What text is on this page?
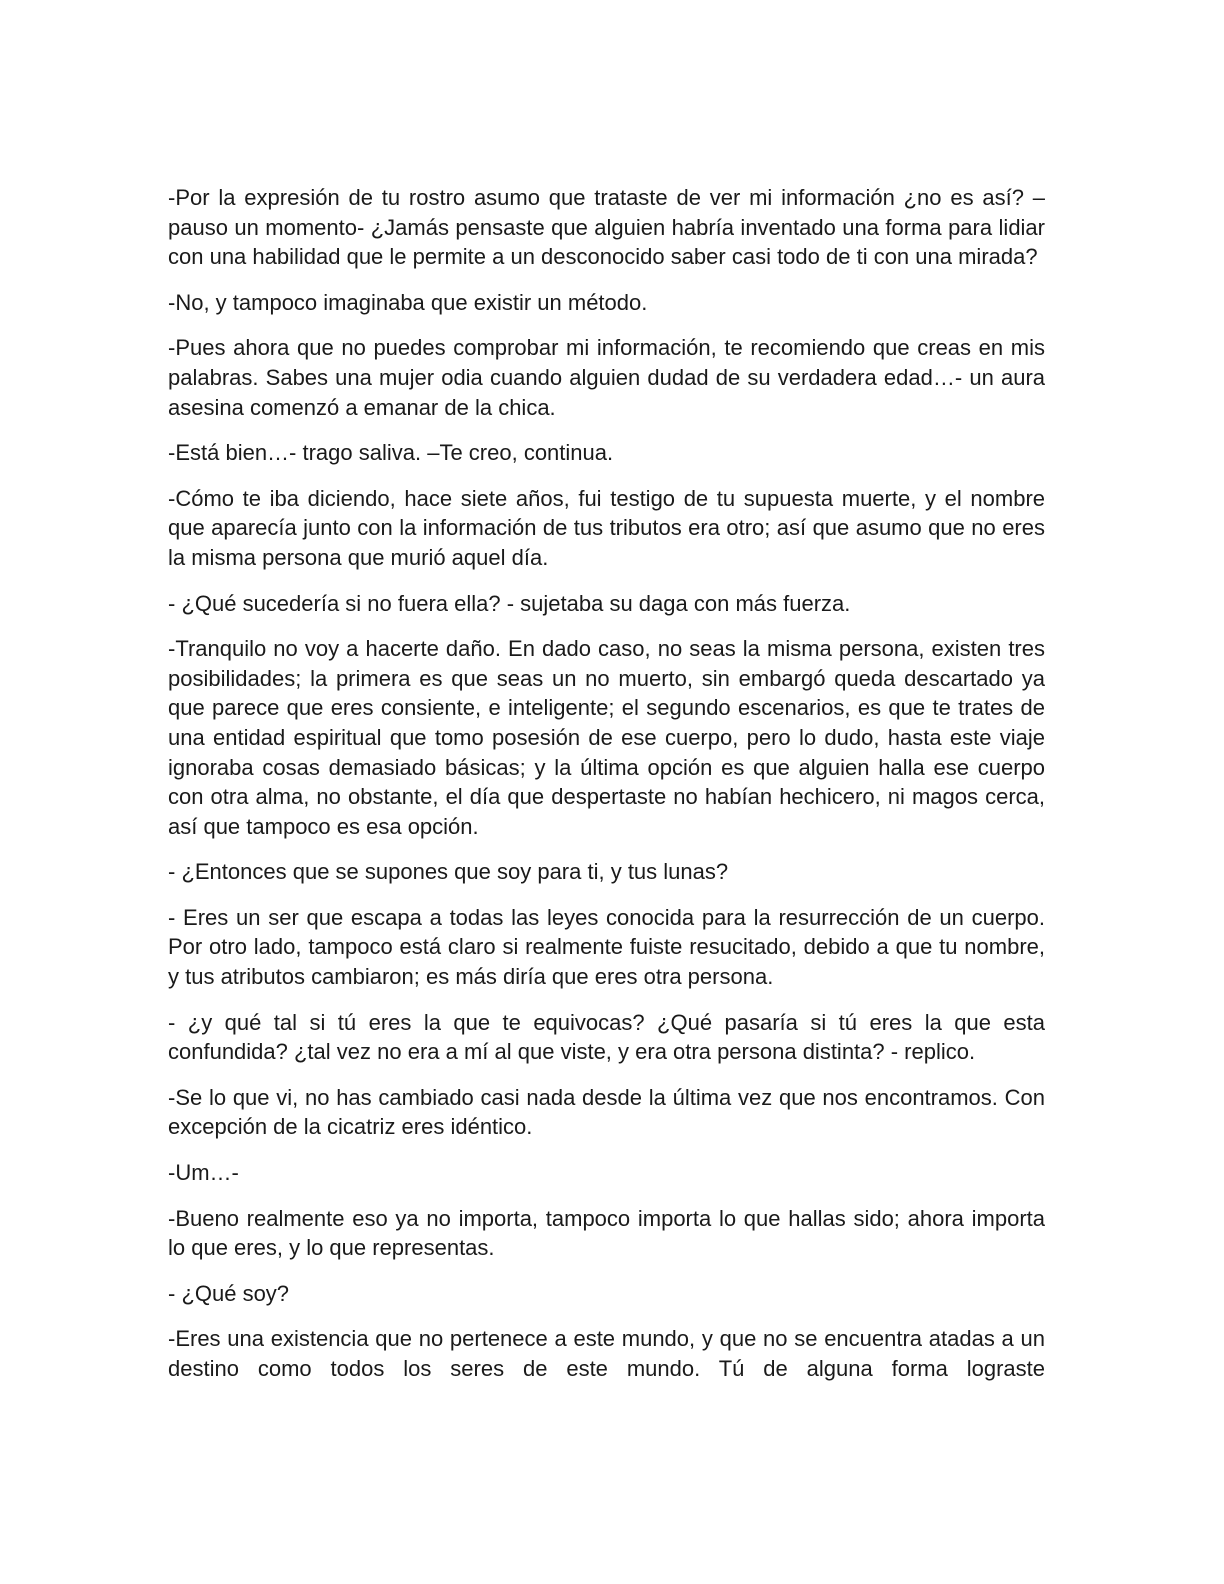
-Por la expresión de tu rostro asumo que trataste de ver mi información ¿no es así? – pauso un momento- ¿Jamás pensaste que alguien habría inventado una forma para lidiar con una habilidad que le permite a un desconocido saber casi todo de ti con una mirada?

-No, y tampoco imaginaba que existir un método.

-Pues ahora que no puedes comprobar mi información, te recomiendo que creas en mis palabras. Sabes una mujer odia cuando alguien dudad de su verdadera edad…- un aura asesina comenzó a emanar de la chica.

-Está bien…- trago saliva. –Te creo, continua.

-Cómo te iba diciendo, hace siete años, fui testigo de tu supuesta muerte, y el nombre que aparecía junto con la información de tus tributos era otro; así que asumo que no eres la misma persona que murió aquel día.

- ¿Qué sucedería si no fuera ella? - sujetaba su daga con más fuerza.

-Tranquilo no voy a hacerte daño. En dado caso, no seas la misma persona, existen tres posibilidades; la primera es que seas un no muerto, sin embargó queda descartado ya que parece que eres consiente, e inteligente; el segundo escenarios, es que te trates de una entidad espiritual que tomo posesión de ese cuerpo, pero lo dudo, hasta este viaje ignoraba cosas demasiado básicas; y la última opción es que alguien halla ese cuerpo con otra alma, no obstante, el día que despertaste no habían hechicero, ni magos cerca, así que tampoco es esa opción.

- ¿Entonces que se supones que soy para ti, y tus lunas?

- Eres un ser que escapa a todas las leyes conocida para la resurrección de un cuerpo. Por otro lado, tampoco está claro si realmente fuiste resucitado, debido a que tu nombre, y tus atributos cambiaron; es más diría que eres otra persona.

- ¿y qué tal si tú eres la que te equivocas? ¿Qué pasaría si tú eres la que esta confundida? ¿tal vez no era a mí al que viste, y era otra persona distinta? - replico.

-Se lo que vi, no has cambiado casi nada desde la última vez que nos encontramos. Con excepción de la cicatriz eres idéntico.

-Um…-

-Bueno realmente eso ya no importa, tampoco importa lo que hallas sido; ahora importa lo que eres, y lo que representas.

- ¿Qué soy?

-Eres una existencia que no pertenece a este mundo, y que no se encuentra atadas a un destino como todos los seres de este mundo. Tú de alguna forma lograste
